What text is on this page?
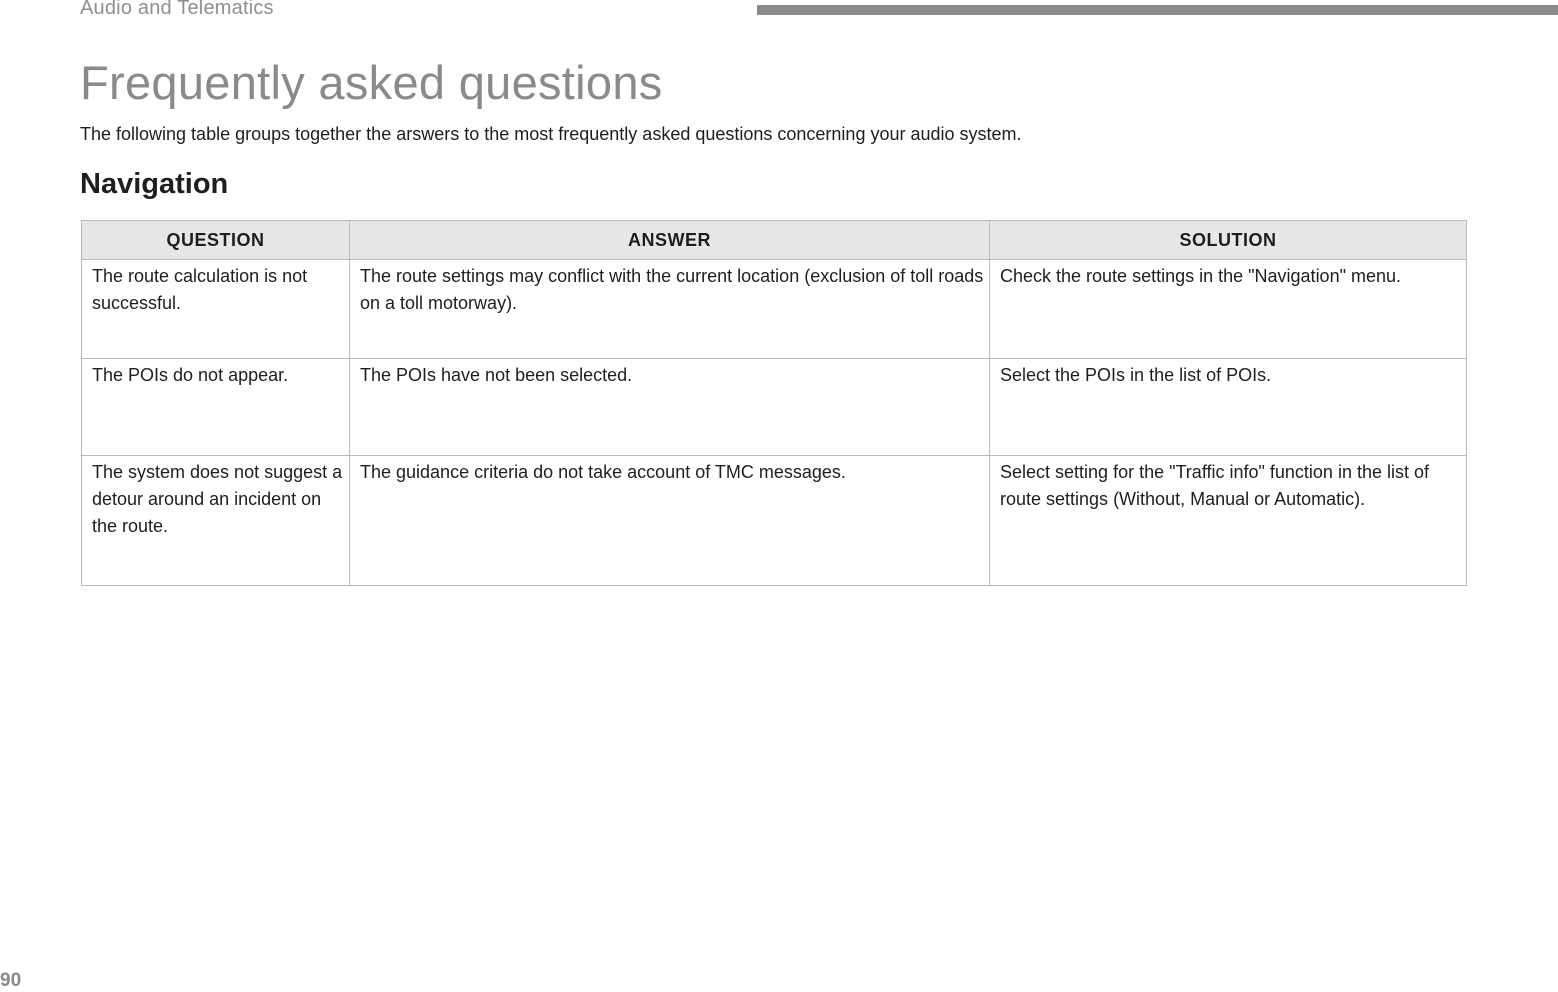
Audio and Telematics
Frequently asked questions

The following table groups together the arswers to the most frequently asked questions concerning your audio system.

Navigation
QUESTION	ANSWER	SOLUTION
The route calculation is not successful.	The route settings may conflict with the current location (exclusion of toll roads on a toll motorway).	Check the route settings in the "Navigation" menu.
The POIs do not appear.	The POIs have not been selected.	Select the POIs in the list of POIs.
The system does not suggest a detour around an incident on the route.	The guidance criteria do not take account of TMC messages.	Select setting for the "Traffic info" function in the list of route settings (Without, Manual or Automatic).
90
